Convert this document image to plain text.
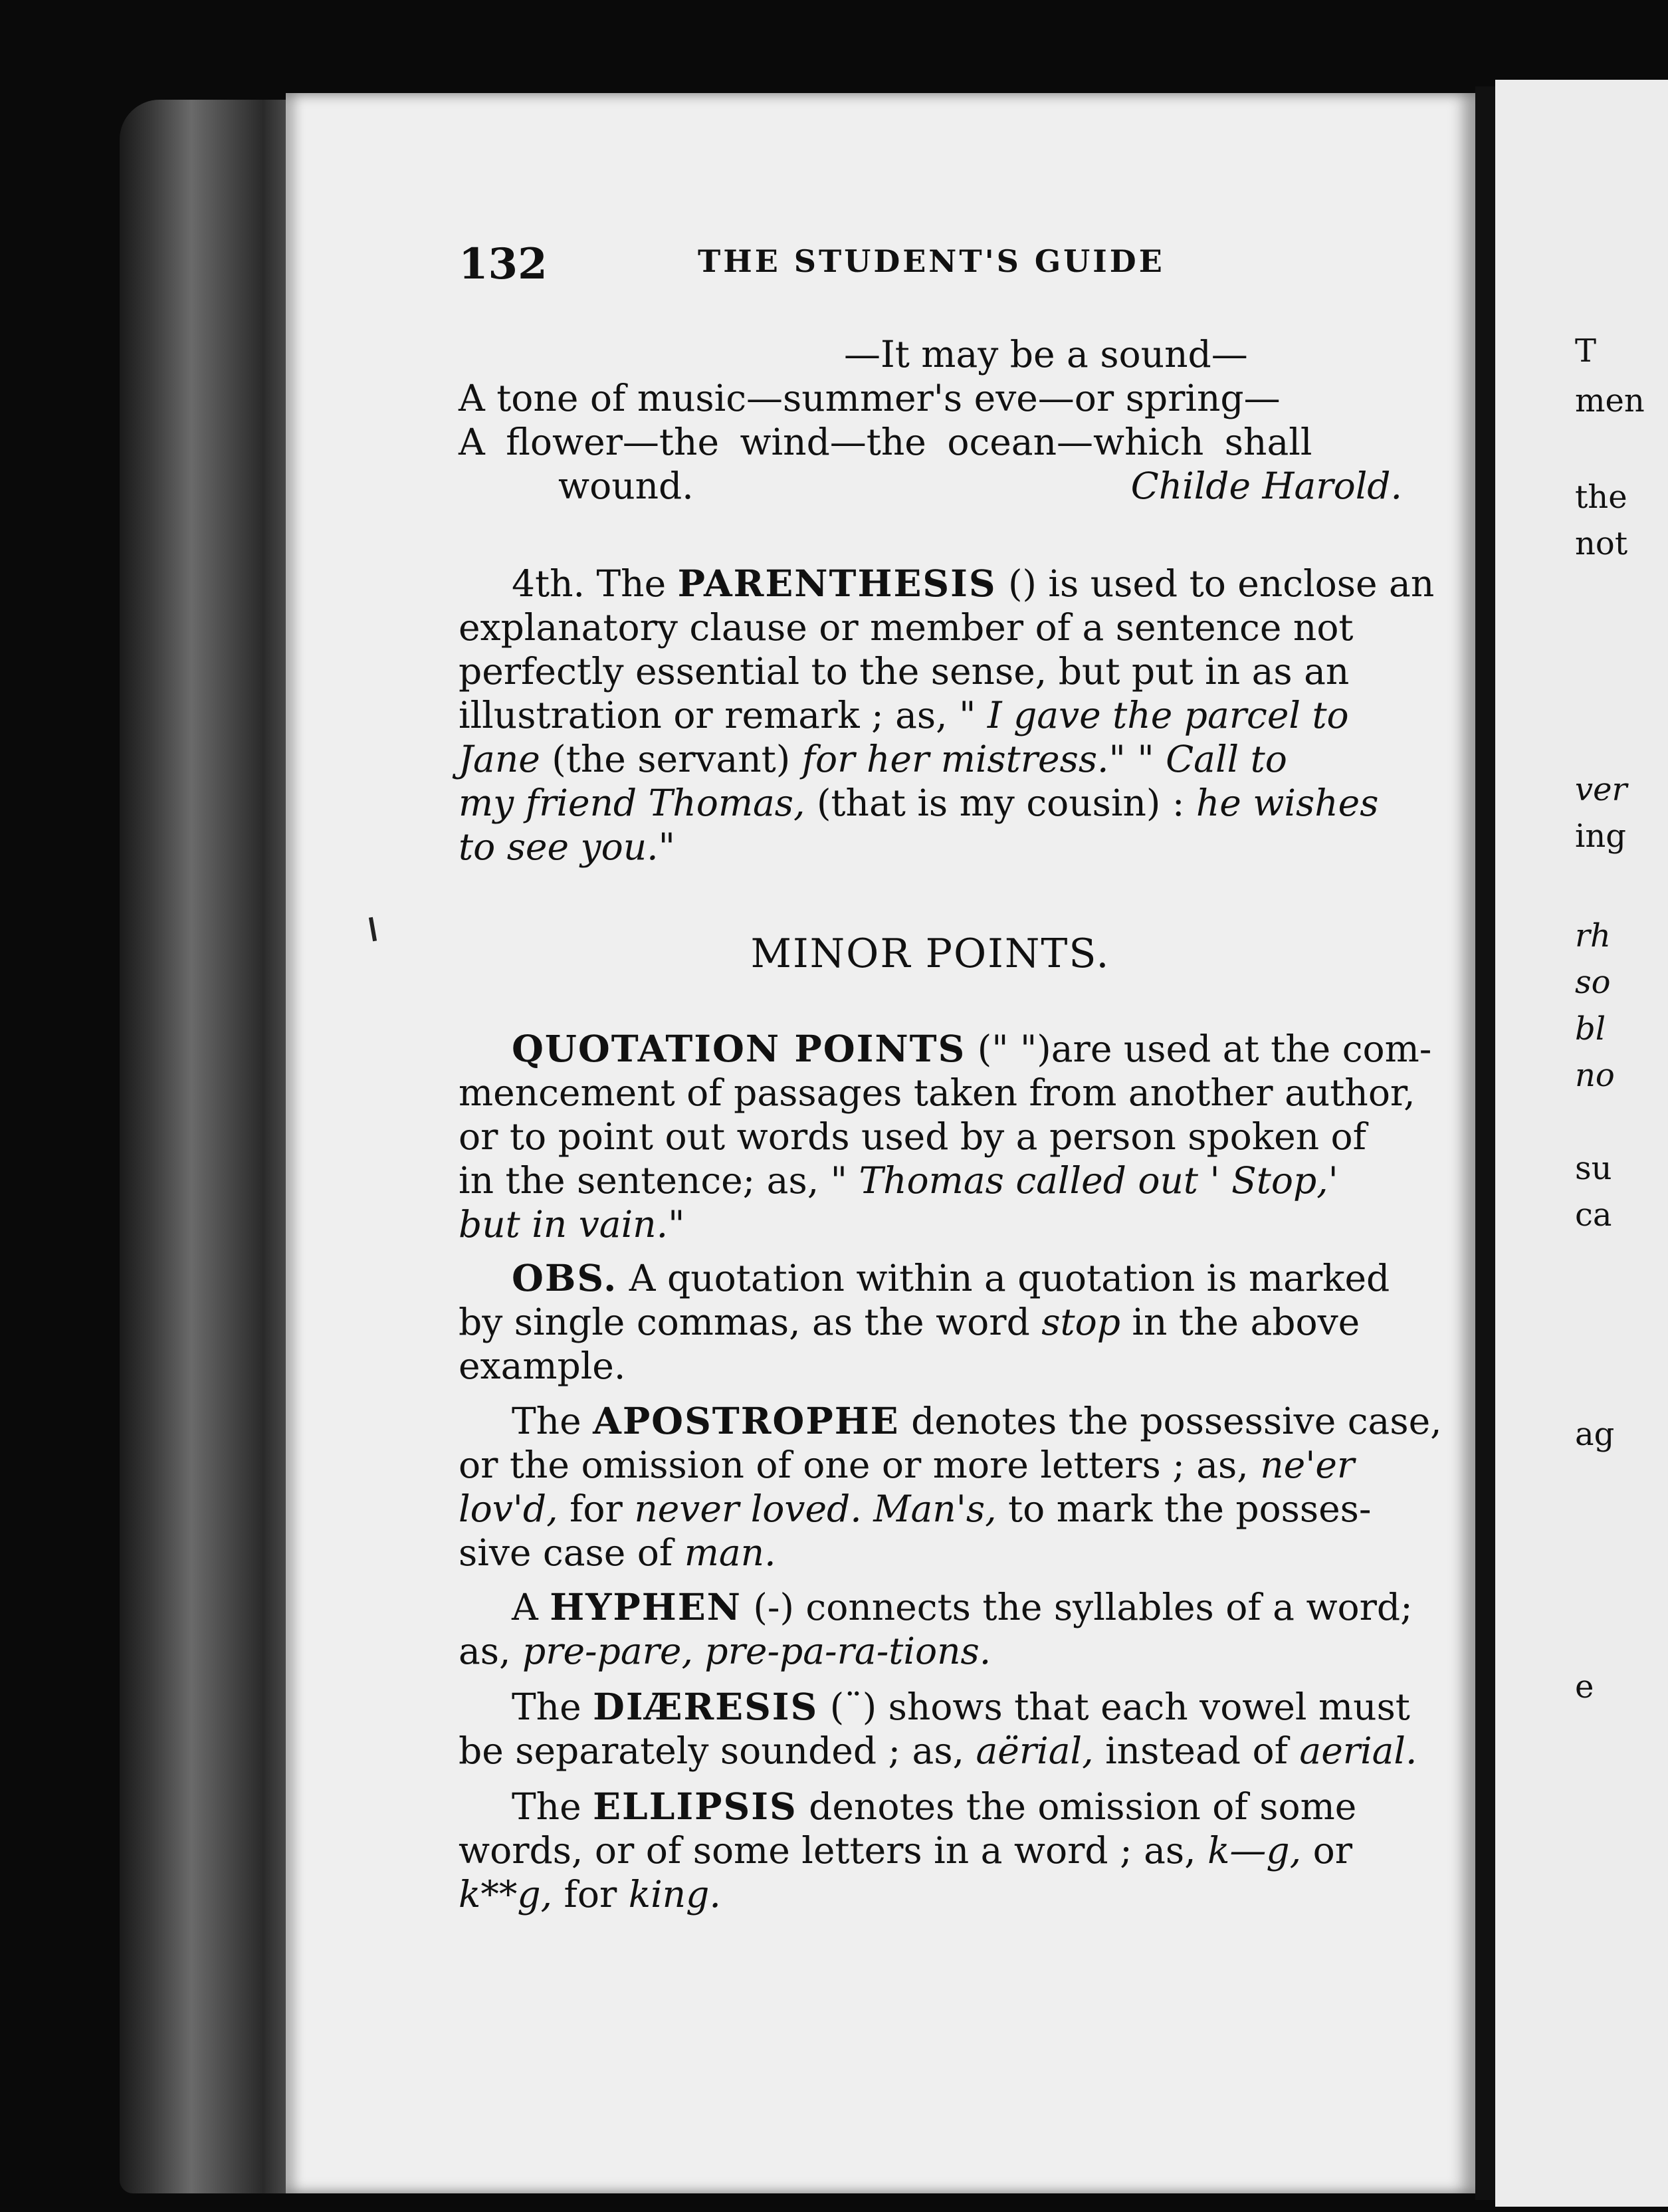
T
men
the
not
ver
ing
rh
so
bl
no
su
ca
ag
e
132	THE STUDENT'S GUIDE
—It may be a sound—
A tone of music—summer's eve—or spring—
A flower—the wind—the ocean—which shall
wound.	Childe Harold.
4th. The PARENTHESIS () is used to enclose an
explanatory clause or member of a sentence not
perfectly essential to the sense, but put in as an
illustration or remark ; as, " I gave the parcel to
Jane (the servant) for her mistress." " Call to
my friend Thomas, (that is my cousin) : he wishes
to see you."
MINOR POINTS.
QUOTATION POINTS (" ")are used at the com-
mencement of passages taken from another author,
or to point out words used by a person spoken of
in the sentence; as, " Thomas called out ' Stop,'
but in vain."
OBS. A quotation within a quotation is marked
by single commas, as the word stop in the above
example.
The APOSTROPHE denotes the possessive case,
or the omission of one or more letters ; as, ne'er
lov'd, for never loved. Man's, to mark the posses-
sive case of man.
A HYPHEN (-) connects the syllables of a word;
as, pre-pare, pre-pa-ra-tions.
The DIÆRESIS (¨) shows that each vowel must
be separately sounded ; as, aërial, instead of aerial.
The ELLIPSIS denotes the omission of some
words, or of some letters in a word ; as, k—g, or
k**g, for king.
